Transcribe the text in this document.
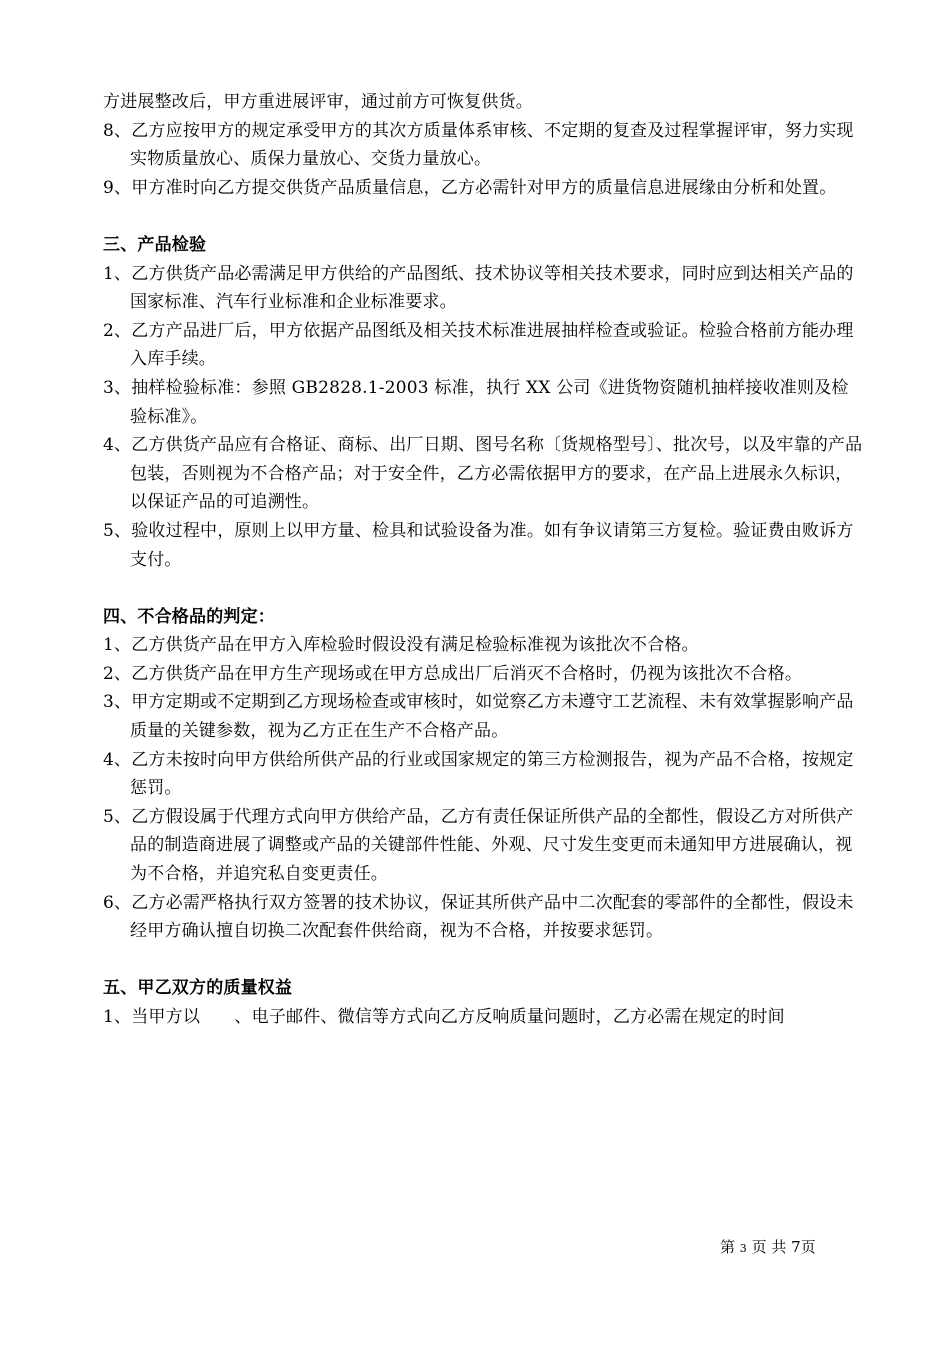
方进展整改后，甲方重进展评审，通过前方可恢复供货。

8、乙方应按甲方的规定承受甲方的其次方质量体系审核、不定期的复查及过程掌握评审，努力实现实物质量放心、质保力量放心、交货力量放心。

9、甲方准时向乙方提交供货产品质量信息，乙方必需针对甲方的质量信息进展缘由分析和处置。

三、产品检验

1、乙方供货产品必需满足甲方供给的产品图纸、技术协议等相关技术要求，同时应到达相关产品的国家标准、汽车行业标准和企业标准要求。

2、乙方产品进厂后，甲方依据产品图纸及相关技术标准进展抽样检查或验证。检验合格前方能办理入库手续。

3、抽样检验标准：参照 GB2828.1-2003 标准，执行 XX 公司《进货物资随机抽样接收准则及检验标准》。

4、乙方供货产品应有合格证、商标、出厂日期、图号名称〔货规格型号〕、批次号，以及牢靠的产品包装，否则视为不合格产品；对于安全件，乙方必需依据甲方的要求，在产品上进展永久标识，以保证产品的可追溯性。

5、验收过程中，原则上以甲方量、检具和试验设备为准。如有争议请第三方复检。验证费由败诉方支付。

四、不合格品的判定：

1、乙方供货产品在甲方入库检验时假设没有满足检验标准视为该批次不合格。

2、乙方供货产品在甲方生产现场或在甲方总成出厂后消灭不合格时，仍视为该批次不合格。

3、甲方定期或不定期到乙方现场检查或审核时，如觉察乙方未遵守工艺流程、未有效掌握影响产品质量的关键参数，视为乙方正在生产不合格产品。

4、乙方未按时向甲方供给所供产品的行业或国家规定的第三方检测报告，视为产品不合格，按规定惩罚。

5、乙方假设属于代理方式向甲方供给产品，乙方有责任保证所供产品的全都性，假设乙方对所供产品的制造商进展了调整或产品的关键部件性能、外观、尺寸发生变更而未通知甲方进展确认，视为不合格，并追究私自变更责任。

6、乙方必需严格执行双方签署的技术协议，保证其所供产品中二次配套的零部件的全都性，假设未经甲方确认擅自切换二次配套件供给商，视为不合格，并按要求惩罚。

五、甲乙双方的质量权益

1、当甲方以　　、电子邮件、微信等方式向乙方反响质量问题时，乙方必需在规定的时间

第 3 页 共 7页
